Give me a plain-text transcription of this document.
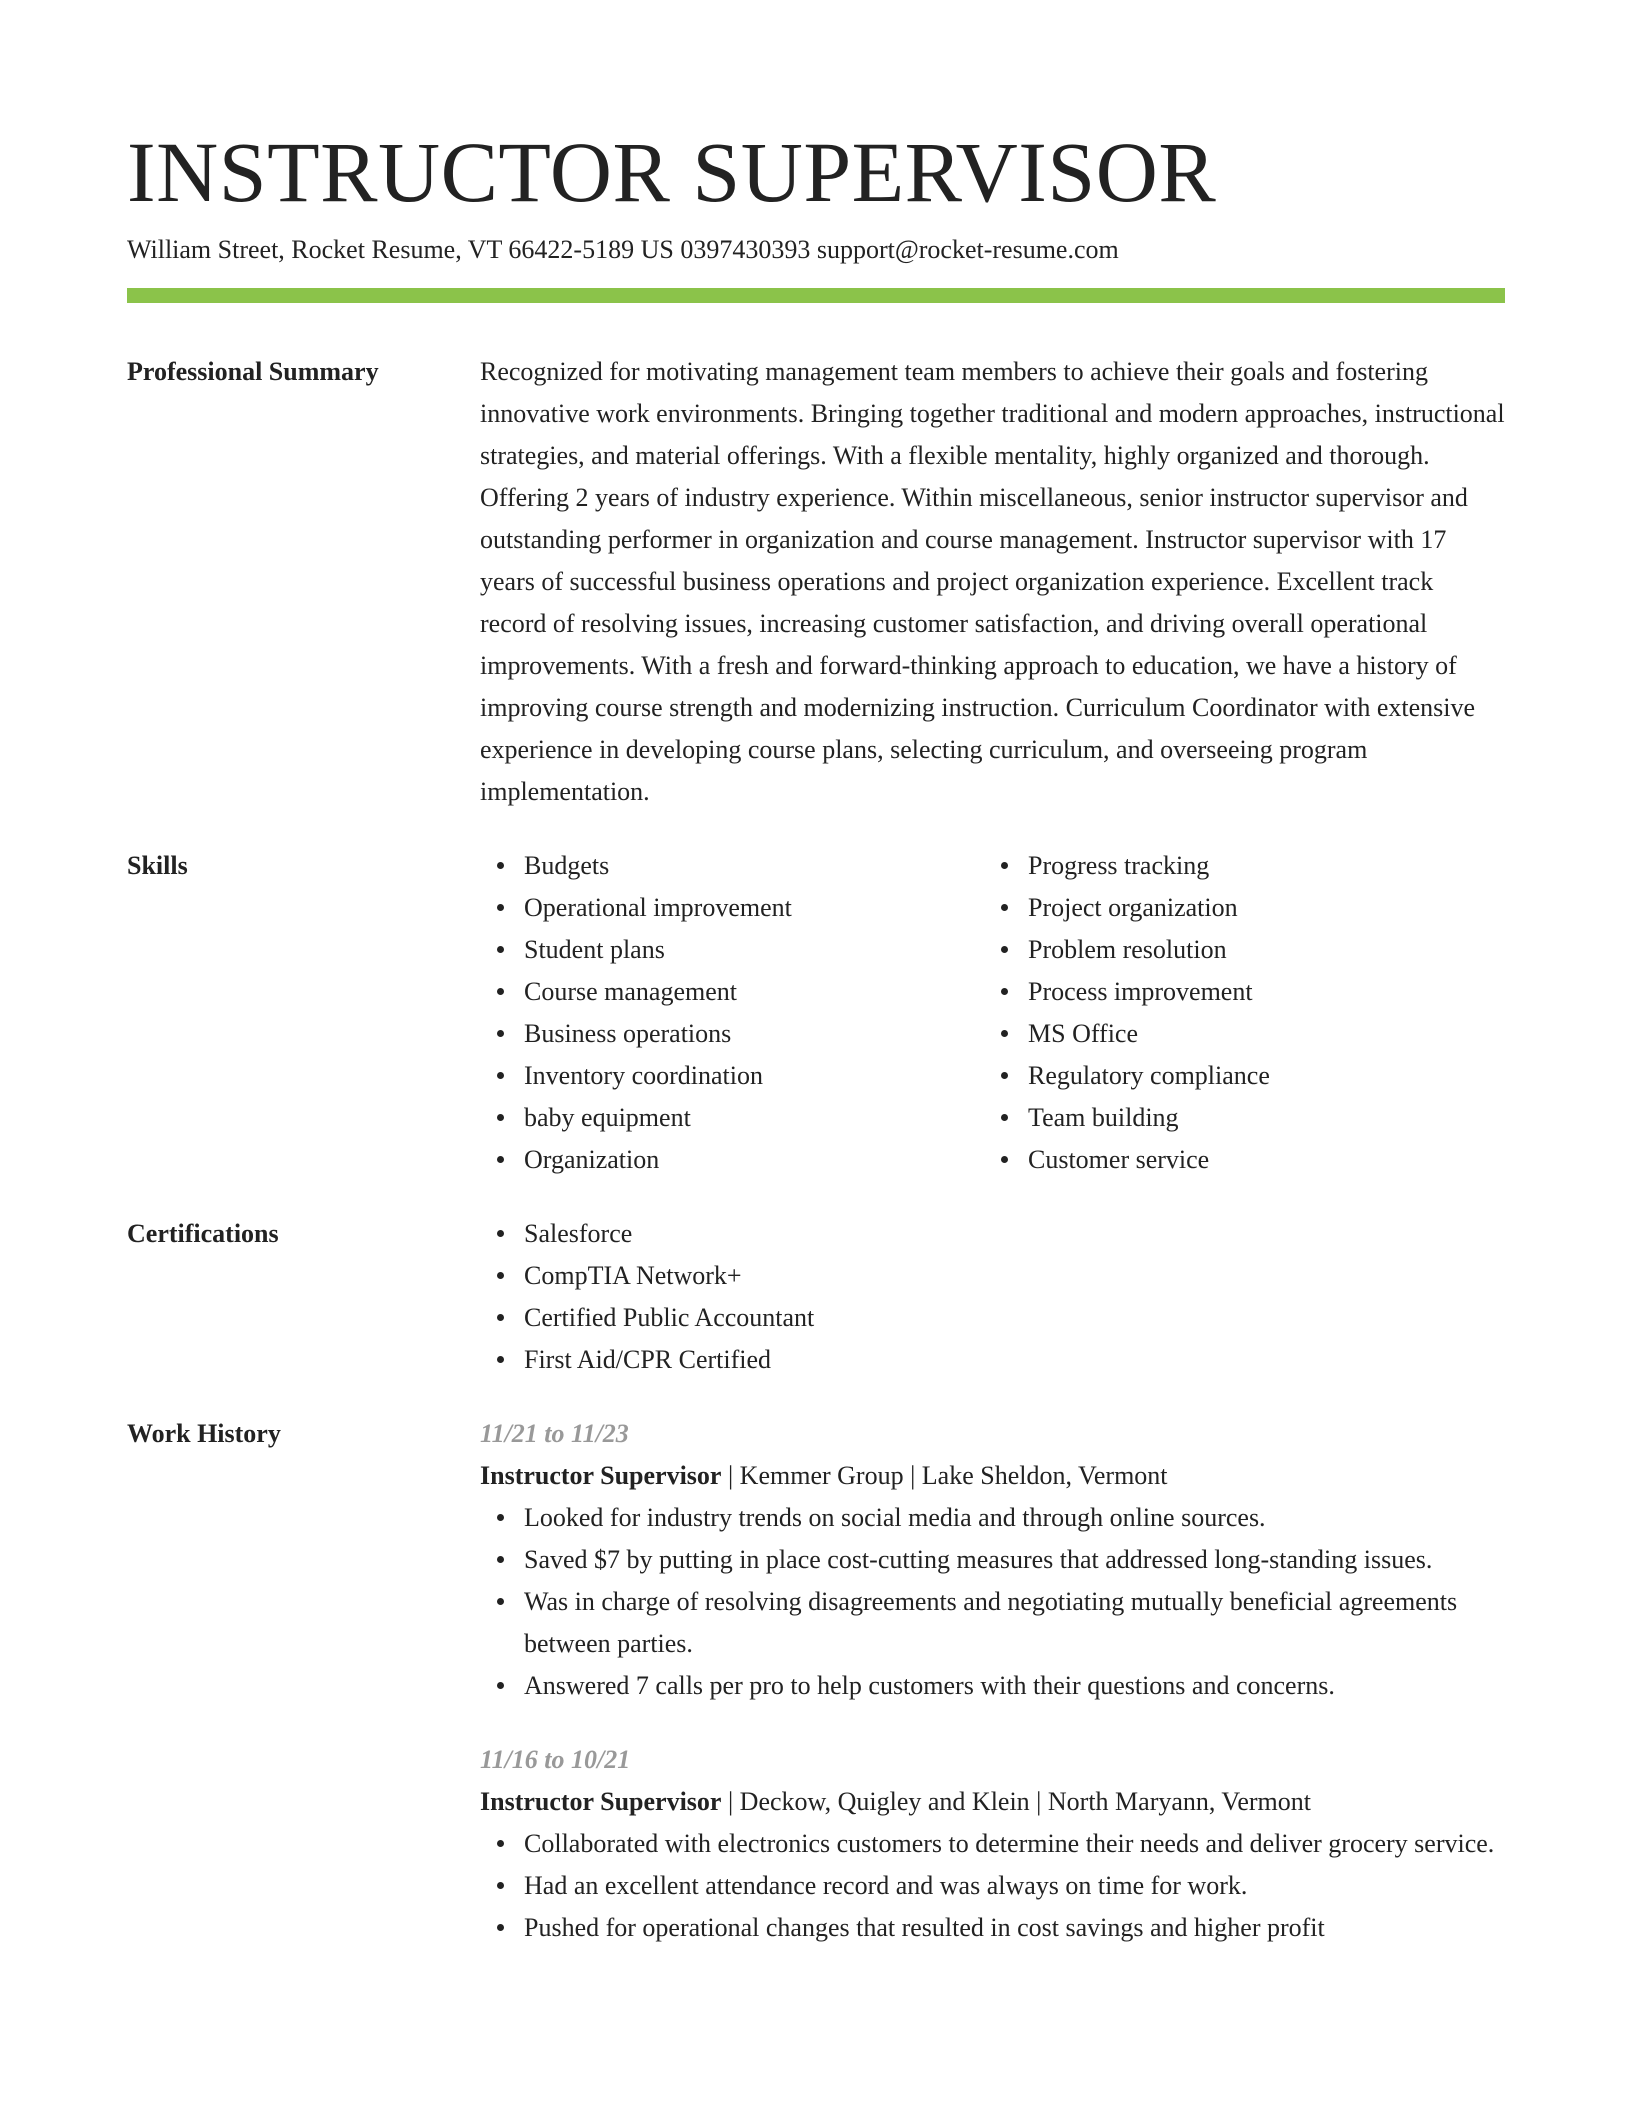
INSTRUCTOR SUPERVISOR
William Street, Rocket Resume, VT 66422-5189 US 0397430393 support@rocket-resume.com
Professional Summary	Recognized for motivating management team members to achieve their goals and fostering innovative work environments. Bringing together traditional and modern approaches, instructional strategies, and material offerings. With a flexible mentality, highly organized and thorough. Offering 2 years of industry experience. Within miscellaneous, senior instructor supervisor and outstanding performer in organization and course management. Instructor supervisor with 17 years of successful business operations and project organization experience. Excellent track record of resolving issues, increasing customer satisfaction, and driving overall operational improvements. With a fresh and forward-thinking approach to education, we have a history of improving course strength and modernizing instruction. Curriculum Coordinator with extensive experience in developing course plans, selecting curriculum, and overseeing program implementation.
Skills	Budgets
Operational improvement
Student plans
Course management
Business operations
Inventory coordination
baby equipment
Organization
Progress tracking
Project organization
Problem resolution
Process improvement
MS Office
Regulatory compliance
Team building
Customer service
Certifications	Salesforce
CompTIA Network+
Certified Public Accountant
First Aid/CPR Certified
Work History	11/21 to 11/23
Instructor Supervisor | Kemmer Group | Lake Sheldon, Vermont
Looked for industry trends on social media and through online sources.
Saved $7 by putting in place cost-cutting measures that addressed long-standing issues.
Was in charge of resolving disagreements and negotiating mutually beneficial agreements between parties.
Answered 7 calls per pro to help customers with their questions and concerns.
11/16 to 10/21
Instructor Supervisor | Deckow, Quigley and Klein | North Maryann, Vermont
Collaborated with electronics customers to determine their needs and deliver grocery service.
Had an excellent attendance record and was always on time for work.
Pushed for operational changes that resulted in cost savings and higher profit
